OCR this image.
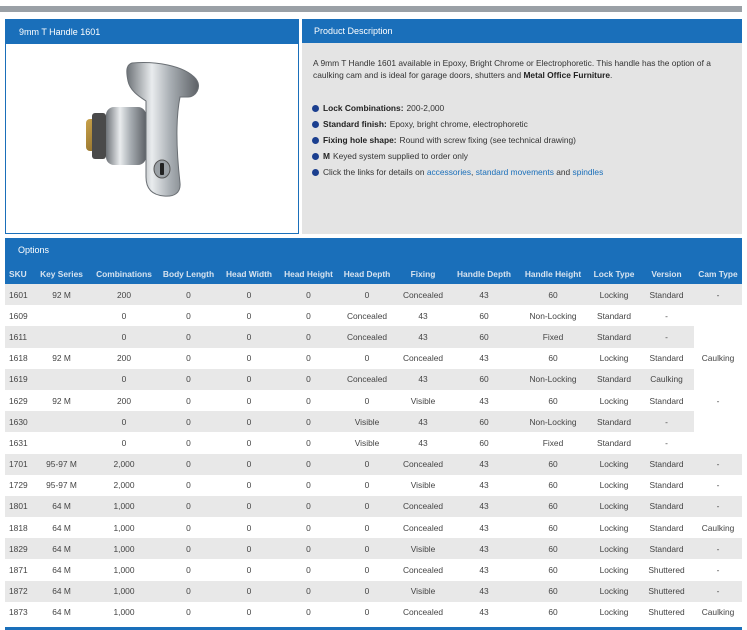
9mm T Handle 1601	Product Description

A 9mm T Handle 1601 available in Epoxy, Bright Chrome or Electrophoretic. This handle has the option of a caulking cam and is ideal for garage doors, shutters and Metal Office Furniture.

Lock Combinations: 200-2,000
Standard finish: Epoxy, bright chrome, electrophoretic
Fixing hole shape: Round with screw fixing (see technical drawing)
M Keyed system supplied to order only
Click the links for details on
accessories ,
standard movements
and
spindles
Options
SKU	Key Series	Combinations	Body Length	Head Width	Head Height	Head Depth	Fixing	Handle Depth	Handle Height	Lock Type	Version	Cam Type
1601	92 M	200	0	0	0	0	Concealed	43	60	Locking	Standard	-
1609		0	0	0	0	Concealed	43	60	Non-Locking	Standard	-	
1611		0	0	0	0	Concealed	43	60	Fixed	Standard	-	
1618	92 M	200	0	0	0	0	Concealed	43	60	Locking	Standard	Caulking
1619		0	0	0	0	Concealed	43	60	Non-Locking	Standard	Caulking	
1629	92 M	200	0	0	0	0	Visible	43	60	Locking	Standard	-
1630		0	0	0	0	Visible	43	60	Non-Locking	Standard	-	
1631		0	0	0	0	Visible	43	60	Fixed	Standard	-	
1701	95-97 M	2,000	0	0	0	0	Concealed	43	60	Locking	Standard	-
1729	95-97 M	2,000	0	0	0	0	Visible	43	60	Locking	Standard	-
1801	64 M	1,000	0	0	0	0	Concealed	43	60	Locking	Standard	-
1818	64 M	1,000	0	0	0	0	Concealed	43	60	Locking	Standard	Caulking
1829	64 M	1,000	0	0	0	0	Visible	43	60	Locking	Standard	-
1871	64 M	1,000	0	0	0	0	Concealed	43	60	Locking	Shuttered	-
1872	64 M	1,000	0	0	0	0	Visible	43	60	Locking	Shuttered	-
1873	64 M	1,000	0	0	0	0	Concealed	43	60	Locking	Shuttered	Caulking
